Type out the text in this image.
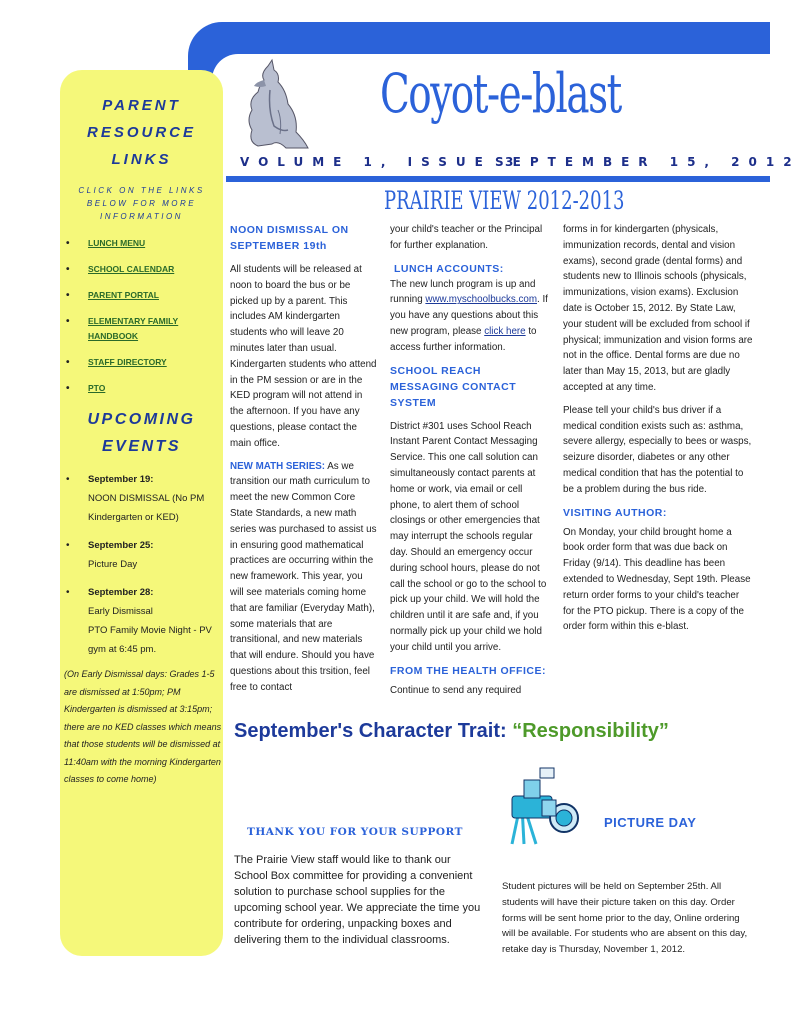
Coyot-e-blast
VOLUME 1, ISSUE 3
SEPTEMBER 15, 2012
PARENT
RESOURCE
LINKS
CLICK ON THE LINKS BELOW FOR MORE INFORMATION
• LUNCH MENU
• SCHOOL CALENDAR
• PARENT PORTAL
• ELEMENTARY FAMILY HANDBOOK
• STAFF DIRECTORY
• PTO
UPCOMING
EVENTS
• September 19:
NOON DISMISSAL (No PM Kindergarten or KED)
• September 25:
Picture Day
• September 28:
Early Dismissal
PTO Family Movie Night - PV gym at 6:45 pm.
(On Early Dismissal days: Grades 1-5 are dismissed at 1:50pm; PM Kindergarten is dismissed at 3:15pm; there are no KED classes which means that those students will be dismissed at 11:40am with the morning Kindergarten classes to come home)
PRAIRIE VIEW 2012-2013
NOON DISMISSAL ON SEPTEMBER 19th

All students will be released at noon to board the bus or be picked up by a parent. This includes AM kindergarten students who will leave 20 minutes later than usual. Kindergarten students who attend in the PM session or are in the KED program will not attend in the afternoon. If you have any questions, please contact the main office.

NEW MATH SERIES: As we transition our math curriculum to meet the new Common Core State Standards, a new math series was purchased to assist us in ensuring good mathematical practices are occurring within the new framework. This year, you will see materials coming home that are familiar (Everyday Math), some materials that are transitional, and new materials that will endure. Should you have questions about this trsition, feel free to contact

your child's teacher or the Principal for further explanation.

LUNCH ACCOUNTS:

The new lunch program is up and running www.myschoolbucks.com. If you have any questions about this new program, please click here to access further information.

SCHOOL REACH MESSAGING CONTACT SYSTEM

District #301 uses School Reach Instant Parent Contact Messaging Service. This one call solution can simultaneously contact parents at home or work, via email or cell phone, to alert them of school closings or other emergencies that may interrupt the schools regular day. Should an emergency occur during school hours, please do not call the school or go to the school to pick up your child. We will hold the children until it are safe and, if you normally pick up your child we hold your child until you arrive.

FROM THE HEALTH OFFICE:

Continue to send any required

forms in for kindergarten (physicals, immunization records, dental and vision exams), second grade (dental forms) and students new to Illinois schools (physicals, immunizations, vision exams). Exclusion date is October 15, 2012. By State Law, your student will be excluded from school if physical; immunization and vision forms are not in the office. Dental forms are due no later than May 15, 2013, but are gladly accepted at any time.

Please tell your child's bus driver if a medical condition exists such as: asthma, severe allergy, especially to bees or wasps, seizure disorder, diabetes or any other medical condition that has the potential to be a problem during the bus ride.

VISITING AUTHOR:

On Monday, your child brought home a book order form that was due back on Friday (9/14). This deadline has been extended to Wednesday, Sept 19th. Please return order forms to your child's teacher for the PTO pickup. There is a copy of the order form within this e-blast.

September's Character Trait: “Responsibility”
PICTURE DAY
THANK YOU FOR YOUR SUPPORT
The Prairie View staff would like to thank our School Box committee for providing a convenient solution to purchase school supplies for the upcoming school year. We appreciate the time you contribute for ordering, unpacking boxes and delivering them to the individual classrooms.
Student pictures will be held on September 25th. All students will have their picture taken on this day. Order forms will be sent home prior to the day, Online ordering will be available. For students who are absent on this day, retake day is Thursday, November 1, 2012.
